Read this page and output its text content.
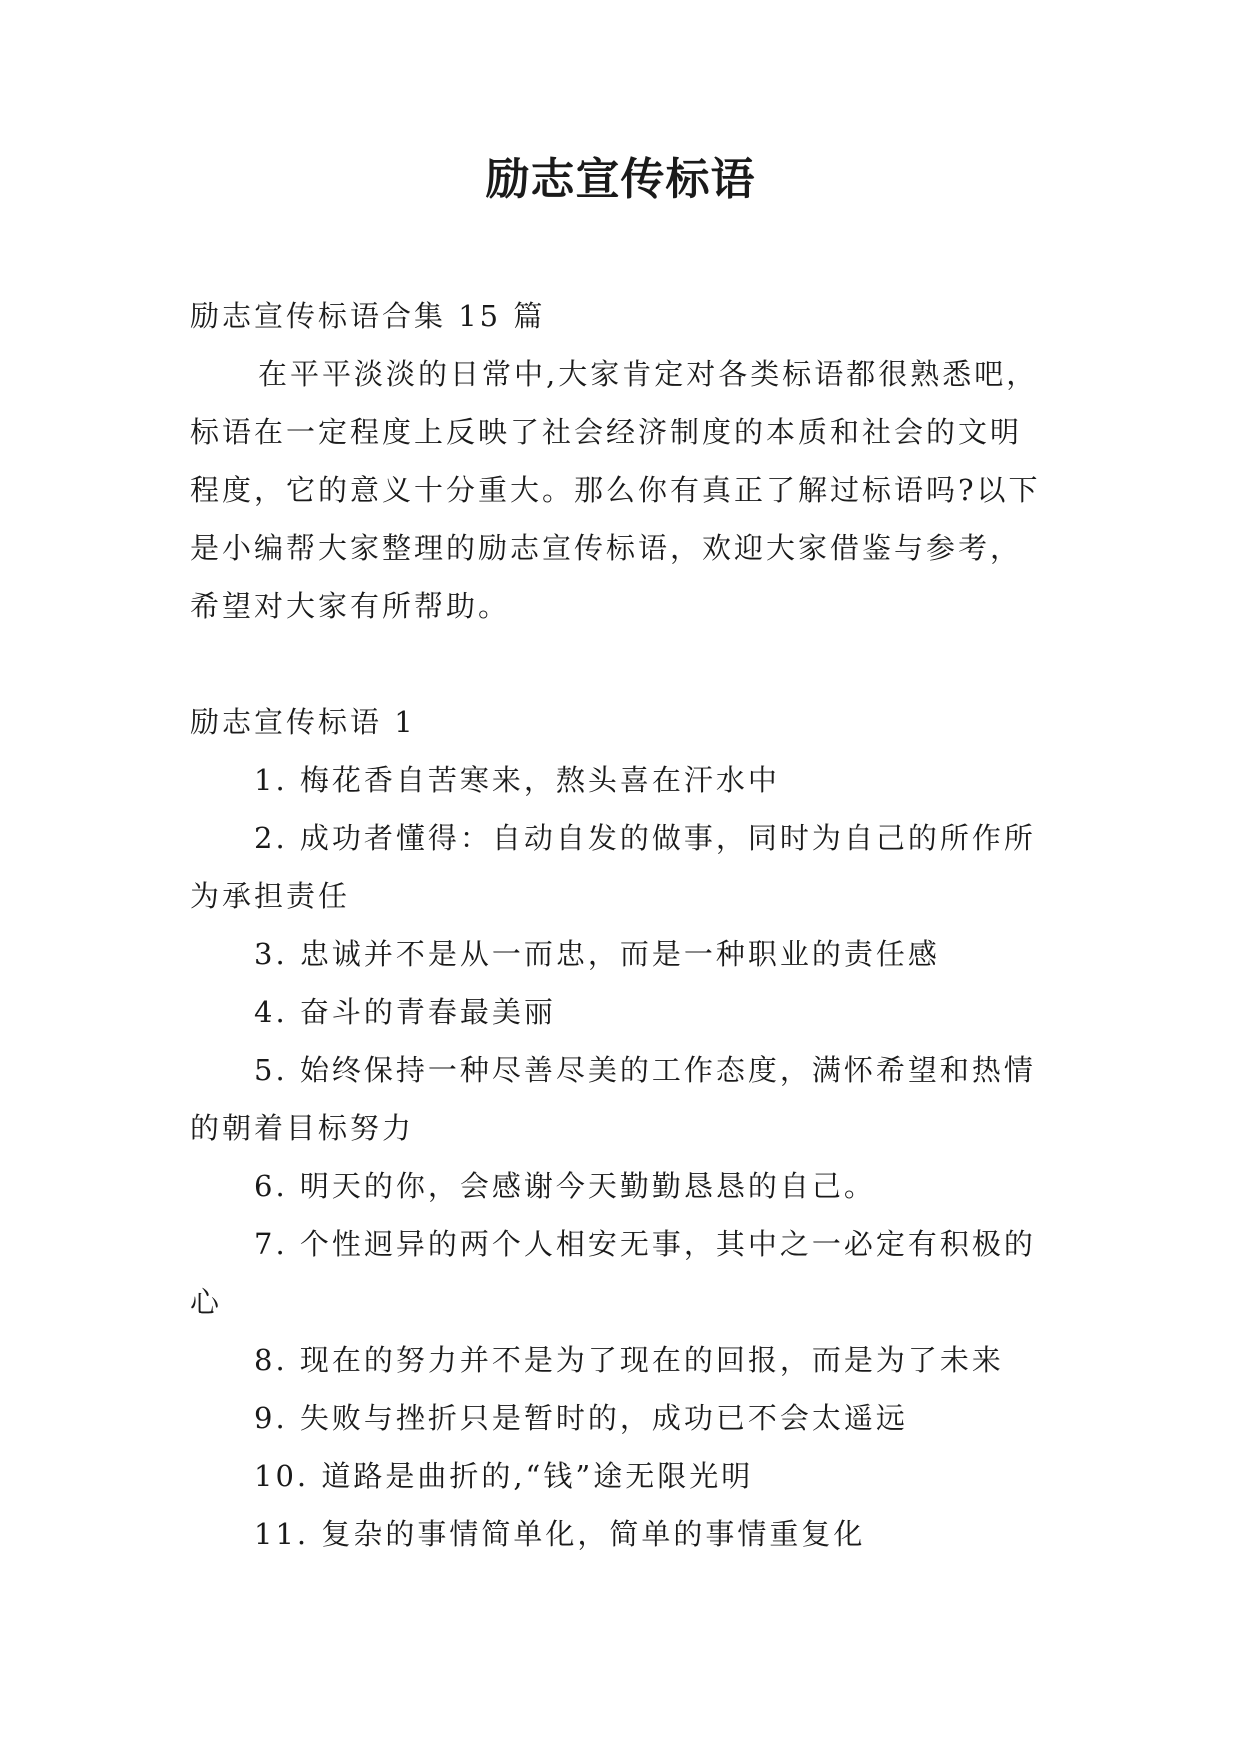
励志宣传标语

励志宣传标语合集 15 篇

在平平淡淡的日常中,大家肯定对各类标语都很熟悉吧，标语在一定程度上反映了社会经济制度的本质和社会的文明程度，它的意义十分重大。那么你有真正了解过标语吗?以下是小编帮大家整理的励志宣传标语，欢迎大家借鉴与参考，希望对大家有所帮助。

励志宣传标语 1

1. 梅花香自苦寒来，熬头喜在汗水中

2. 成功者懂得：自动自发的做事，同时为自己的所作所为承担责任

3. 忠诚并不是从一而忠，而是一种职业的责任感

4. 奋斗的青春最美丽

5. 始终保持一种尽善尽美的工作态度，满怀希望和热情的朝着目标努力

6. 明天的你，会感谢今天勤勤恳恳的自己。

7. 个性迥异的两个人相安无事，其中之一必定有积极的心

8. 现在的努力并不是为了现在的回报，而是为了未来

9. 失败与挫折只是暂时的，成功已不会太遥远

10. 道路是曲折的,“钱”途无限光明

11. 复杂的事情简单化，简单的事情重复化
